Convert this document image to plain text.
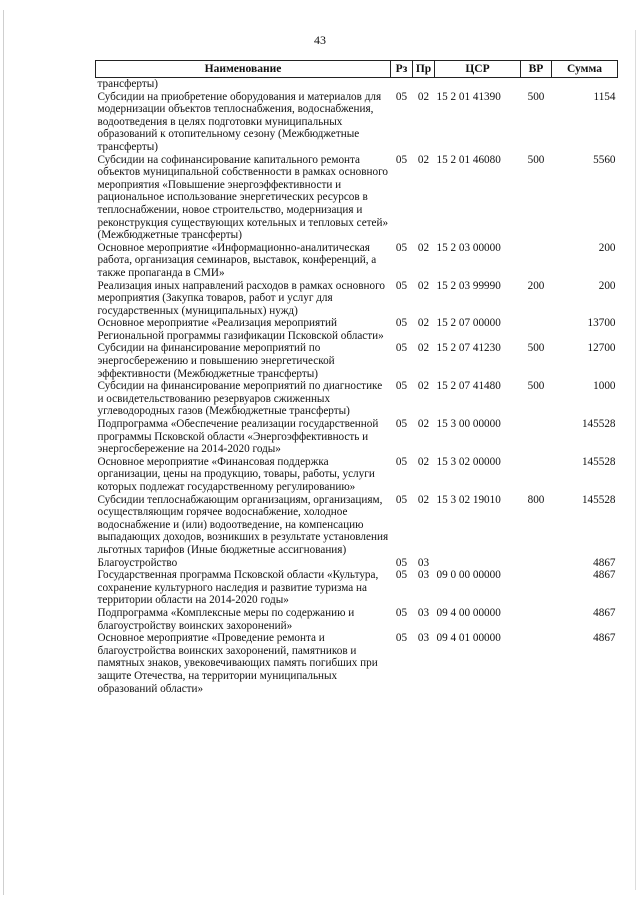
43
Наименование	Рз	Пр	ЦСР	ВР	Сумма
трансферты)					
Субсидии на приобретение оборудования и материалов для модернизации объектов теплоснабжения, водоснабжения, водоотведения в целях подготовки муниципальных образований к отопительному сезону (Межбюджетные трансферты)	05	02	15 2 01 41390	500	1154
Субсидии на софинансирование капитального ремонта объектов муниципальной собственности в рамках основного мероприятия «Повышение энергоэффективности и рациональное использование энергетических ресурсов в теплоснабжении, новое строительство, модернизация и реконструкция существующих котельных и тепловых сетей» (Межбюджетные трансферты)	05	02	15 2 01 46080	500	5560
Основное мероприятие «Информационно-аналитическая работа, организация семинаров, выставок, конференций, а также пропаганда в СМИ»	05	02	15 2 03 00000		200
Реализация иных направлений расходов в рамках основного мероприятия (Закупка товаров, работ и услуг для государственных (муниципальных) нужд)	05	02	15 2 03 99990	200	200
Основное мероприятие «Реализация мероприятий Региональной программы газификации Псковской области»	05	02	15 2 07 00000		13700
Субсидии на финансирование мероприятий по энергосбережению и повышению энергетической эффективности (Межбюджетные трансферты)	05	02	15 2 07 41230	500	12700
Субсидии на финансирование мероприятий по диагностике и освидетельствованию резервуаров сжиженных углеводородных газов (Межбюджетные трансферты)	05	02	15 2 07 41480	500	1000
Подпрограмма «Обеспечение реализации государственной программы Псковской области «Энергоэффективность и энергосбережение на 2014-2020 годы»	05	02	15 3 00 00000		145528
Основное мероприятие «Финансовая поддержка организации, цены на продукцию, товары, работы, услуги которых подлежат государственному регулированию»	05	02	15 3 02 00000		145528
Субсидии теплоснабжающим организациям, организациям, осуществляющим горячее водоснабжение, холодное водоснабжение и (или) водоотведение, на компенсацию выпадающих доходов, возникших в результате установления льготных тарифов (Иные бюджетные ассигнования)	05	02	15 3 02 19010	800	145528
Благоустройство	05	03			4867
Государственная программа Псковской области «Культура, сохранение культурного наследия и развитие туризма на территории области на 2014-2020 годы»	05	03	09 0 00 00000		4867
Подпрограмма «Комплексные меры по содержанию и благоустройству воинских захоронений»	05	03	09 4 00 00000		4867
Основное мероприятие «Проведение ремонта и благоустройства воинских захоронений, памятников и памятных знаков, увековечивающих память погибших при защите Отечества, на территории муниципальных образований области»	05	03	09 4 01 00000		4867
